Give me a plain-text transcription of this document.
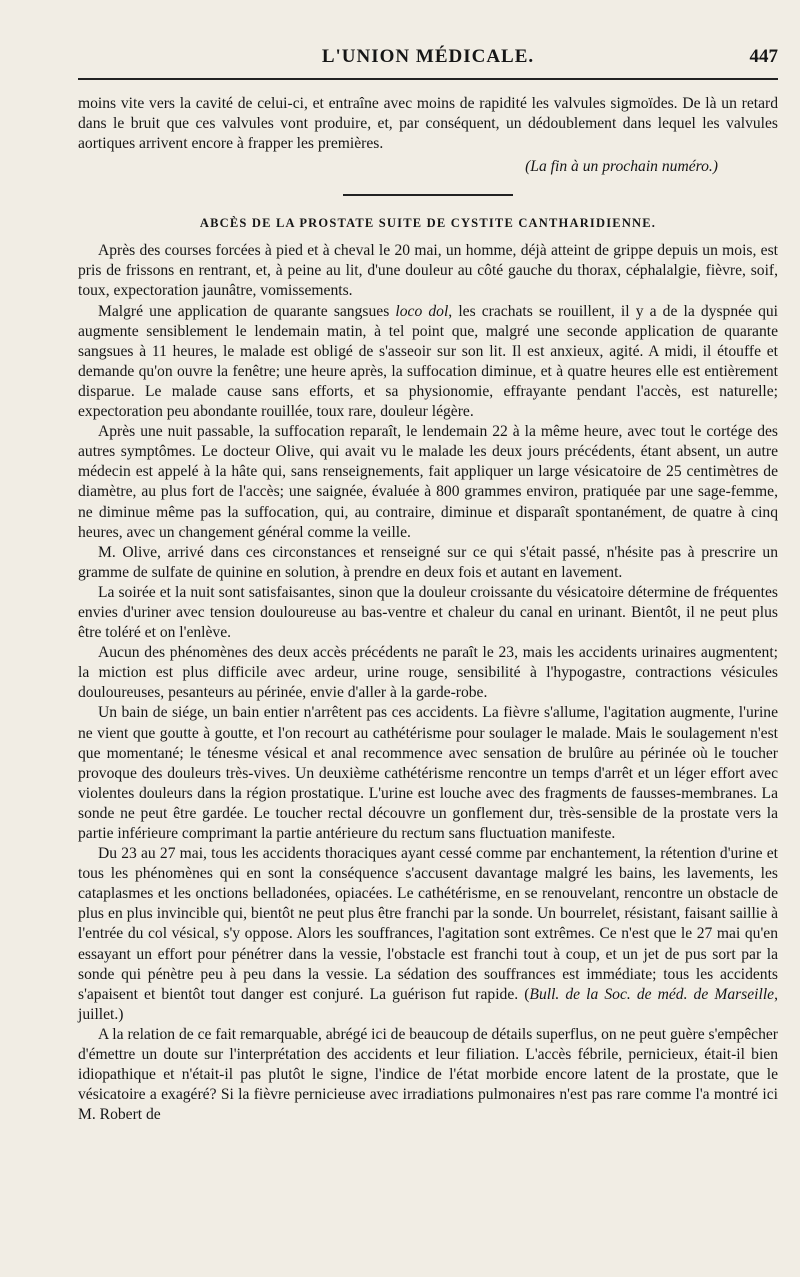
L'UNION MÉDICALE.	447

moins vite vers la cavité de celui-ci, et entraîne avec moins de rapidité les valvules sigmoïdes. De là un retard dans le bruit que ces valvules vont produire, et, par conséquent, un dédoublement dans lequel les valvules aortiques arrivent encore à frapper les premières.

(La fin à un prochain numéro.)
ABCÈS DE LA PROSTATE SUITE DE CYSTITE CANTHARIDIENNE.

Après des courses forcées à pied et à cheval le 20 mai, un homme, déjà atteint de grippe depuis un mois, est pris de frissons en rentrant, et, à peine au lit, d'une douleur au côté gauche du thorax, céphalalgie, fièvre, soif, toux, expectoration jaunâtre, vomissements.

Malgré une application de quarante sangsues loco dol, les crachats se rouillent, il y a de la dyspnée qui augmente sensiblement le lendemain matin, à tel point que, malgré une seconde application de quarante sangsues à 11 heures, le malade est obligé de s'asseoir sur son lit. Il est anxieux, agité. A midi, il étouffe et demande qu'on ouvre la fenêtre; une heure après, la suffocation diminue, et à quatre heures elle est entièrement disparue. Le malade cause sans efforts, et sa physionomie, effrayante pendant l'accès, est naturelle; expectoration peu abondante rouillée, toux rare, douleur légère.

Après une nuit passable, la suffocation reparaît, le lendemain 22 à la même heure, avec tout le cortége des autres symptômes. Le docteur Olive, qui avait vu le malade les deux jours précédents, étant absent, un autre médecin est appelé à la hâte qui, sans renseignements, fait appliquer un large vésicatoire de 25 centimètres de diamètre, au plus fort de l'accès; une saignée, évaluée à 800 grammes environ, pratiquée par une sage-femme, ne diminue même pas la suffocation, qui, au contraire, diminue et disparaît spontanément, de quatre à cinq heures, avec un changement général comme la veille.

M. Olive, arrivé dans ces circonstances et renseigné sur ce qui s'était passé, n'hésite pas à prescrire un gramme de sulfate de quinine en solution, à prendre en deux fois et autant en lavement.

La soirée et la nuit sont satisfaisantes, sinon que la douleur croissante du vésicatoire détermine de fréquentes envies d'uriner avec tension douloureuse au bas-ventre et chaleur du canal en urinant. Bientôt, il ne peut plus être toléré et on l'enlève.

Aucun des phénomènes des deux accès précédents ne paraît le 23, mais les accidents urinaires augmentent; la miction est plus difficile avec ardeur, urine rouge, sensibilité à l'hypogastre, contractions vésicules douloureuses, pesanteurs au périnée, envie d'aller à la garde-robe.

Un bain de siége, un bain entier n'arrêtent pas ces accidents. La fièvre s'allume, l'agitation augmente, l'urine ne vient que goutte à goutte, et l'on recourt au cathétérisme pour soulager le malade. Mais le soulagement n'est que momentané; le ténesme vésical et anal recommence avec sensation de brulûre au périnée où le toucher provoque des douleurs très-vives. Un deuxième cathétérisme rencontre un temps d'arrêt et un léger effort avec violentes douleurs dans la région prostatique. L'urine est louche avec des fragments de fausses-membranes. La sonde ne peut être gardée. Le toucher rectal découvre un gonflement dur, très-sensible de la prostate vers la partie inférieure comprimant la partie antérieure du rectum sans fluctuation manifeste.

Du 23 au 27 mai, tous les accidents thoraciques ayant cessé comme par enchantement, la rétention d'urine et tous les phénomènes qui en sont la conséquence s'accusent davantage malgré les bains, les lavements, les cataplasmes et les onctions belladonées, opiacées. Le cathétérisme, en se renouvelant, rencontre un obstacle de plus en plus invincible qui, bientôt ne peut plus être franchi par la sonde. Un bourrelet, résistant, faisant saillie à l'entrée du col vésical, s'y oppose. Alors les souffrances, l'agitation sont extrêmes. Ce n'est que le 27 mai qu'en essayant un effort pour pénétrer dans la vessie, l'obstacle est franchi tout à coup, et un jet de pus sort par la sonde qui pénètre peu à peu dans la vessie. La sédation des souffrances est immédiate; tous les accidents s'apaisent et bientôt tout danger est conjuré. La guérison fut rapide. (Bull. de la Soc. de méd. de Marseille, juillet.)

A la relation de ce fait remarquable, abrégé ici de beaucoup de détails superflus, on ne peut guère s'empêcher d'émettre un doute sur l'interprétation des accidents et leur filiation. L'accès fébrile, pernicieux, était-il bien idiopathique et n'était-il pas plutôt le signe, l'indice de l'état morbide encore latent de la prostate, que le vésicatoire a exagéré? Si la fièvre pernicieuse avec irradiations pulmonaires n'est pas rare comme l'a montré ici M. Robert de
